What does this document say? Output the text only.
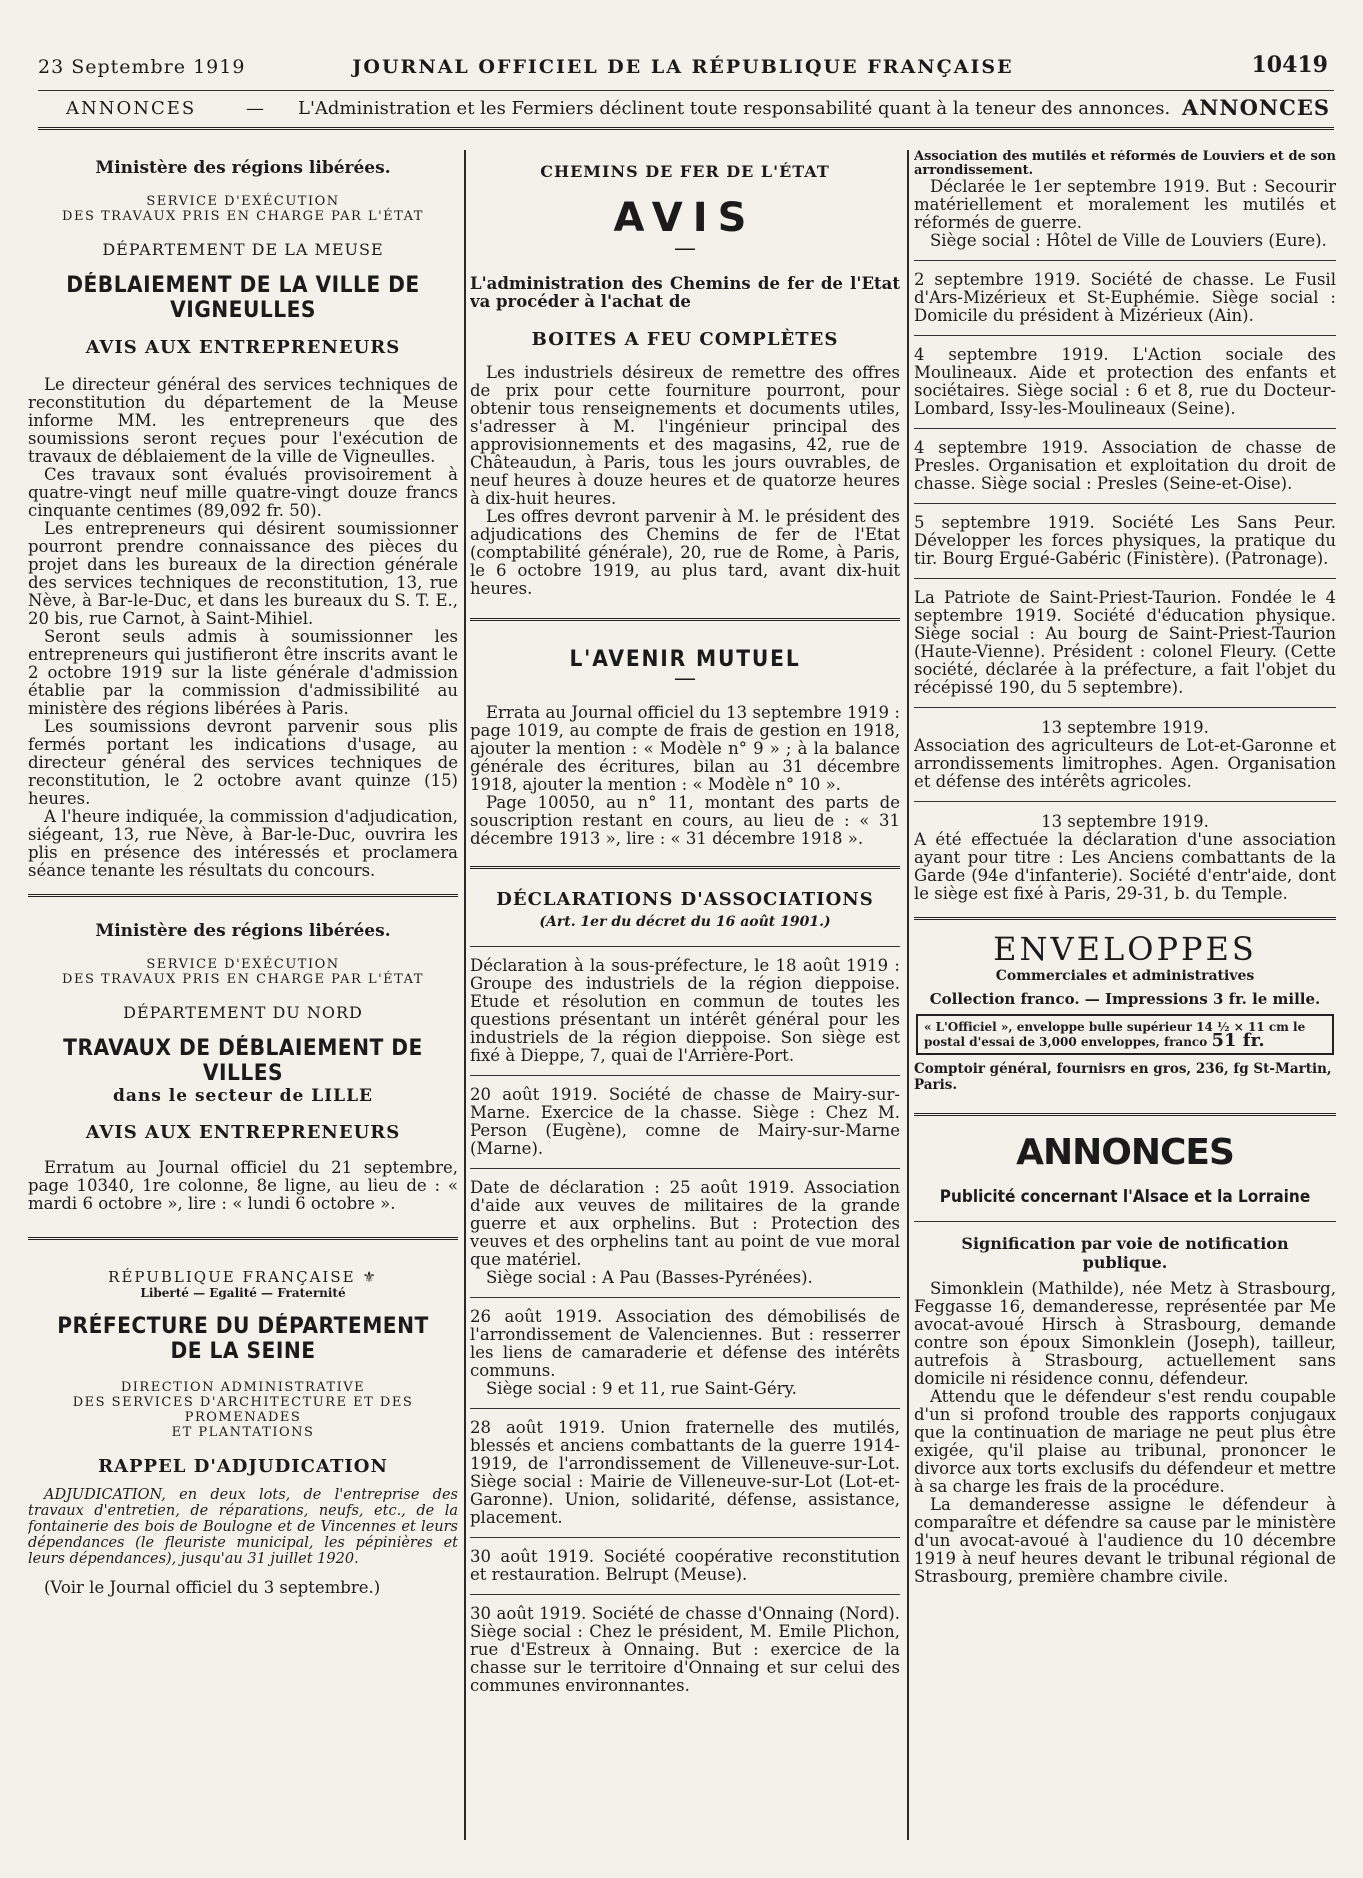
23 Septembre 1919	JOURNAL OFFICIEL DE LA RÉPUBLIQUE FRANÇAISE	10419
ANNONCES	— L'Administration et les Fermiers déclinent toute responsabilité quant à la teneur des annonces. ANNONCES
Ministère des régions libérées.
SERVICE D'EXÉCUTION
DES TRAVAUX PRIS EN CHARGE PAR L'ÉTAT
DÉPARTEMENT DE LA MEUSE
DÉBLAIEMENT DE LA VILLE DE VIGNEULLES
AVIS AUX ENTREPRENEURS

Le directeur général des services techniques de reconstitution du département de la Meuse informe MM. les entrepreneurs que des soumissions seront reçues pour l'exécution de travaux de déblaiement de la ville de Vigneulles.

Ces travaux sont évalués provisoirement à quatre-vingt neuf mille quatre-vingt douze francs cinquante centimes (89,092 fr. 50).

Les entrepreneurs qui désirent soumissionner pourront prendre connaissance des pièces du projet dans les bureaux de la direction générale des services techniques de reconstitution, 13, rue Nève, à Bar-le-Duc, et dans les bureaux du S. T. E., 20 bis, rue Carnot, à Saint-Mihiel.

Seront seuls admis à soumissionner les entrepreneurs qui justifieront être inscrits avant le 2 octobre 1919 sur la liste générale d'admission établie par la commission d'admissibilité au ministère des régions libérées à Paris.

Les soumissions devront parvenir sous plis fermés portant les indications d'usage, au directeur général des services techniques de reconstitution, le 2 octobre avant quinze (15) heures.

A l'heure indiquée, la commission d'adjudication, siégeant, 13, rue Nève, à Bar-le-Duc, ouvrira les plis en présence des intéressés et proclamera séance tenante les résultats du concours.

Ministère des régions libérées.
SERVICE D'EXÉCUTION
DES TRAVAUX PRIS EN CHARGE PAR L'ÉTAT
DÉPARTEMENT DU NORD
TRAVAUX DE DÉBLAIEMENT DE VILLES
dans le secteur de LILLE
AVIS AUX ENTREPRENEURS

Erratum au Journal officiel du 21 septembre, page 10340, 1re colonne, 8e ligne, au lieu de : « mardi 6 octobre », lire : « lundi 6 octobre ».

RÉPUBLIQUE FRANÇAISE ⚜
Liberté — Egalité — Fraternité
PRÉFECTURE DU DÉPARTEMENT DE LA SEINE
DIRECTION ADMINISTRATIVE
DES SERVICES D'ARCHITECTURE ET DES PROMENADES
ET PLANTATIONS
RAPPEL D'ADJUDICATION

ADJUDICATION, en deux lots, de l'entreprise des travaux d'entretien, de réparations, neufs, etc., de la fontainerie des bois de Boulogne et de Vincennes et leurs dépendances (le fleuriste municipal, les pépinières et leurs dépendances), jusqu'au 31 juillet 1920.

(Voir le Journal officiel du 3 septembre.)

CHEMINS DE FER DE L'ÉTAT
AVIS
—

L'administration des Chemins de fer de l'Etat va procéder à l'achat de

BOITES A FEU COMPLÈTES

Les industriels désireux de remettre des offres de prix pour cette fourniture pourront, pour obtenir tous renseignements et documents utiles, s'adresser à M. l'ingénieur principal des approvisionnements et des magasins, 42, rue de Châteaudun, à Paris, tous les jours ouvrables, de neuf heures à douze heures et de quatorze heures à dix-huit heures.

Les offres devront parvenir à M. le président des adjudications des Chemins de fer de l'Etat (comptabilité générale), 20, rue de Rome, à Paris, le 6 octobre 1919, au plus tard, avant dix-huit heures.

L'AVENIR MUTUEL
—

Errata au Journal officiel du 13 septembre 1919 : page 1019, au compte de frais de gestion en 1918, ajouter la mention : « Modèle n° 9 » ; à la balance générale des écritures, bilan au 31 décembre 1918, ajouter la mention : « Modèle n° 10 ».

Page 10050, au n° 11, montant des parts de souscription restant en cours, au lieu de : « 31 décembre 1913 », lire : « 31 décembre 1918 ».

DÉCLARATIONS D'ASSOCIATIONS
(Art. 1er du décret du 16 août 1901.)

Déclaration à la sous-préfecture, le 18 août 1919 : Groupe des industriels de la région dieppoise. Etude et résolution en commun de toutes les questions présentant un intérêt général pour les industriels de la région dieppoise. Son siège est fixé à Dieppe, 7, quai de l'Arrière-Port.

20 août 1919. Société de chasse de Mairy-sur-Marne. Exercice de la chasse. Siège : Chez M. Person (Eugène), comne de Mairy-sur-Marne (Marne).

Date de déclaration : 25 août 1919. Association d'aide aux veuves de militaires de la grande guerre et aux orphelins. But : Protection des veuves et des orphelins tant au point de vue moral que matériel.

Siège social : A Pau (Basses-Pyrénées).

26 août 1919. Association des démobilisés de l'arrondissement de Valenciennes. But : resserrer les liens de camaraderie et défense des intérêts communs.

Siège social : 9 et 11, rue Saint-Géry.

28 août 1919. Union fraternelle des mutilés, blessés et anciens combattants de la guerre 1914-1919, de l'arrondissement de Villeneuve-sur-Lot. Siège social : Mairie de Villeneuve-sur-Lot (Lot-et-Garonne). Union, solidarité, défense, assistance, placement.

30 août 1919. Société coopérative reconstitution et restauration. Belrupt (Meuse).

30 août 1919. Société de chasse d'Onnaing (Nord). Siège social : Chez le président, M. Emile Plichon, rue d'Estreux à Onnaing. But : exercice de la chasse sur le territoire d'Onnaing et sur celui des communes environnantes.

Association des mutilés et réformés de Louviers et de son arrondissement.

Déclarée le 1er septembre 1919. But : Secourir matériellement et moralement les mutilés et réformés de guerre.

Siège social : Hôtel de Ville de Louviers (Eure).

2 septembre 1919. Société de chasse. Le Fusil d'Ars-Mizérieux et St-Euphémie. Siège social : Domicile du président à Mizérieux (Ain).

4 septembre 1919. L'Action sociale des Moulineaux. Aide et protection des enfants et sociétaires. Siège social : 6 et 8, rue du Docteur-Lombard, Issy-les-Moulineaux (Seine).

4 septembre 1919. Association de chasse de Presles. Organisation et exploitation du droit de chasse. Siège social : Presles (Seine-et-Oise).

5 septembre 1919. Société Les Sans Peur. Développer les forces physiques, la pratique du tir. Bourg Ergué-Gabéric (Finistère). (Patronage).

La Patriote de Saint-Priest-Taurion. Fondée le 4 septembre 1919. Société d'éducation physique. Siège social : Au bourg de Saint-Priest-Taurion (Haute-Vienne). Président : colonel Fleury. (Cette société, déclarée à la préfecture, a fait l'objet du récépissé 190, du 5 septembre).

13 septembre 1919.

Association des agriculteurs de Lot-et-Garonne et arrondissements limitrophes. Agen. Organisation et défense des intérêts agricoles.

13 septembre 1919.

A été effectuée la déclaration d'une association ayant pour titre : Les Anciens combattants de la Garde (94e d'infanterie). Société d'entr'aide, dont le siège est fixé à Paris, 29-31, b. du Temple.

ENVELOPPES
Commerciales et administratives
Collection franco. — Impressions 3 fr. le mille.
« L'Officiel », enveloppe bulle supérieur 14 ½ × 11 cm le postal d'essai de 3,000 enveloppes, franco 51 fr.
Comptoir général, fournisrs en gros, 236, fg St-Martin, Paris.
ANNONCES
Publicité concernant l'Alsace et la Lorraine
Signification par voie de notification publique.

Simonklein (Mathilde), née Metz à Strasbourg, Feggasse 16, demanderesse, représentée par Me avocat-avoué Hirsch à Strasbourg, demande contre son époux Simonklein (Joseph), tailleur, autrefois à Strasbourg, actuellement sans domicile ni résidence connu, défendeur.

Attendu que le défendeur s'est rendu coupable d'un si profond trouble des rapports conjugaux que la continuation de mariage ne peut plus être exigée, qu'il plaise au tribunal, prononcer le divorce aux torts exclusifs du défendeur et mettre à sa charge les frais de la procédure.

La demanderesse assigne le défendeur à comparaître et défendre sa cause par le ministère d'un avocat-avoué à l'audience du 10 décembre 1919 à neuf heures devant le tribunal régional de Strasbourg, première chambre civile.
